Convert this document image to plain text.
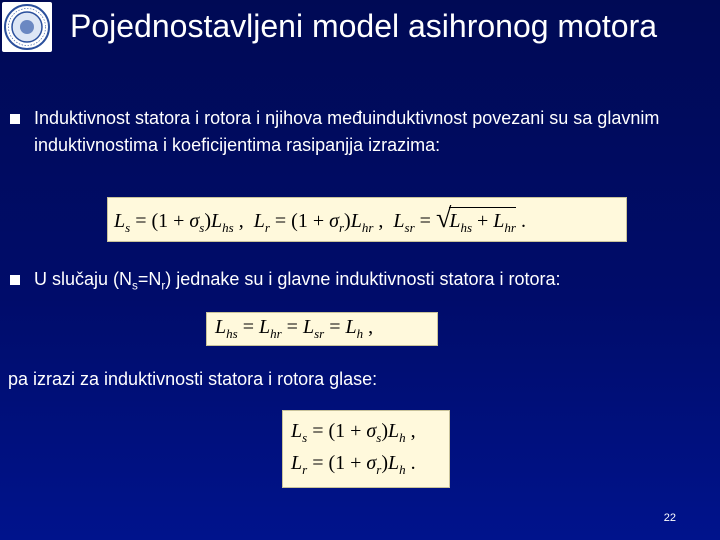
Pojednostavljeni model asihronog motora
Induktivnost statora i rotora i njihova međuinduktivnost povezani su sa glavnim induktivnostima i koeficijentima rasipanjja izrazima:
$L_s = (1 + \sigma_s)L_{hs}$ ,  $L_r = (1 + \sigma_r)L_{hr}$ ,  $L_{sr} = √L_{hs} + L_{hr}$ .
U slučaju $(N_s=N_r)$ jednake su i glavne induktivnosti statora i rotora:
$L_{hs} = L_{hr} = L_{sr} = L_h$ ,
pa izrazi za induktivnosti statora i rotora glase:
$L_s = (1 + \sigma_s)L_h$ ,
$L_r = (1 + \sigma_r)L_h$ .
22
